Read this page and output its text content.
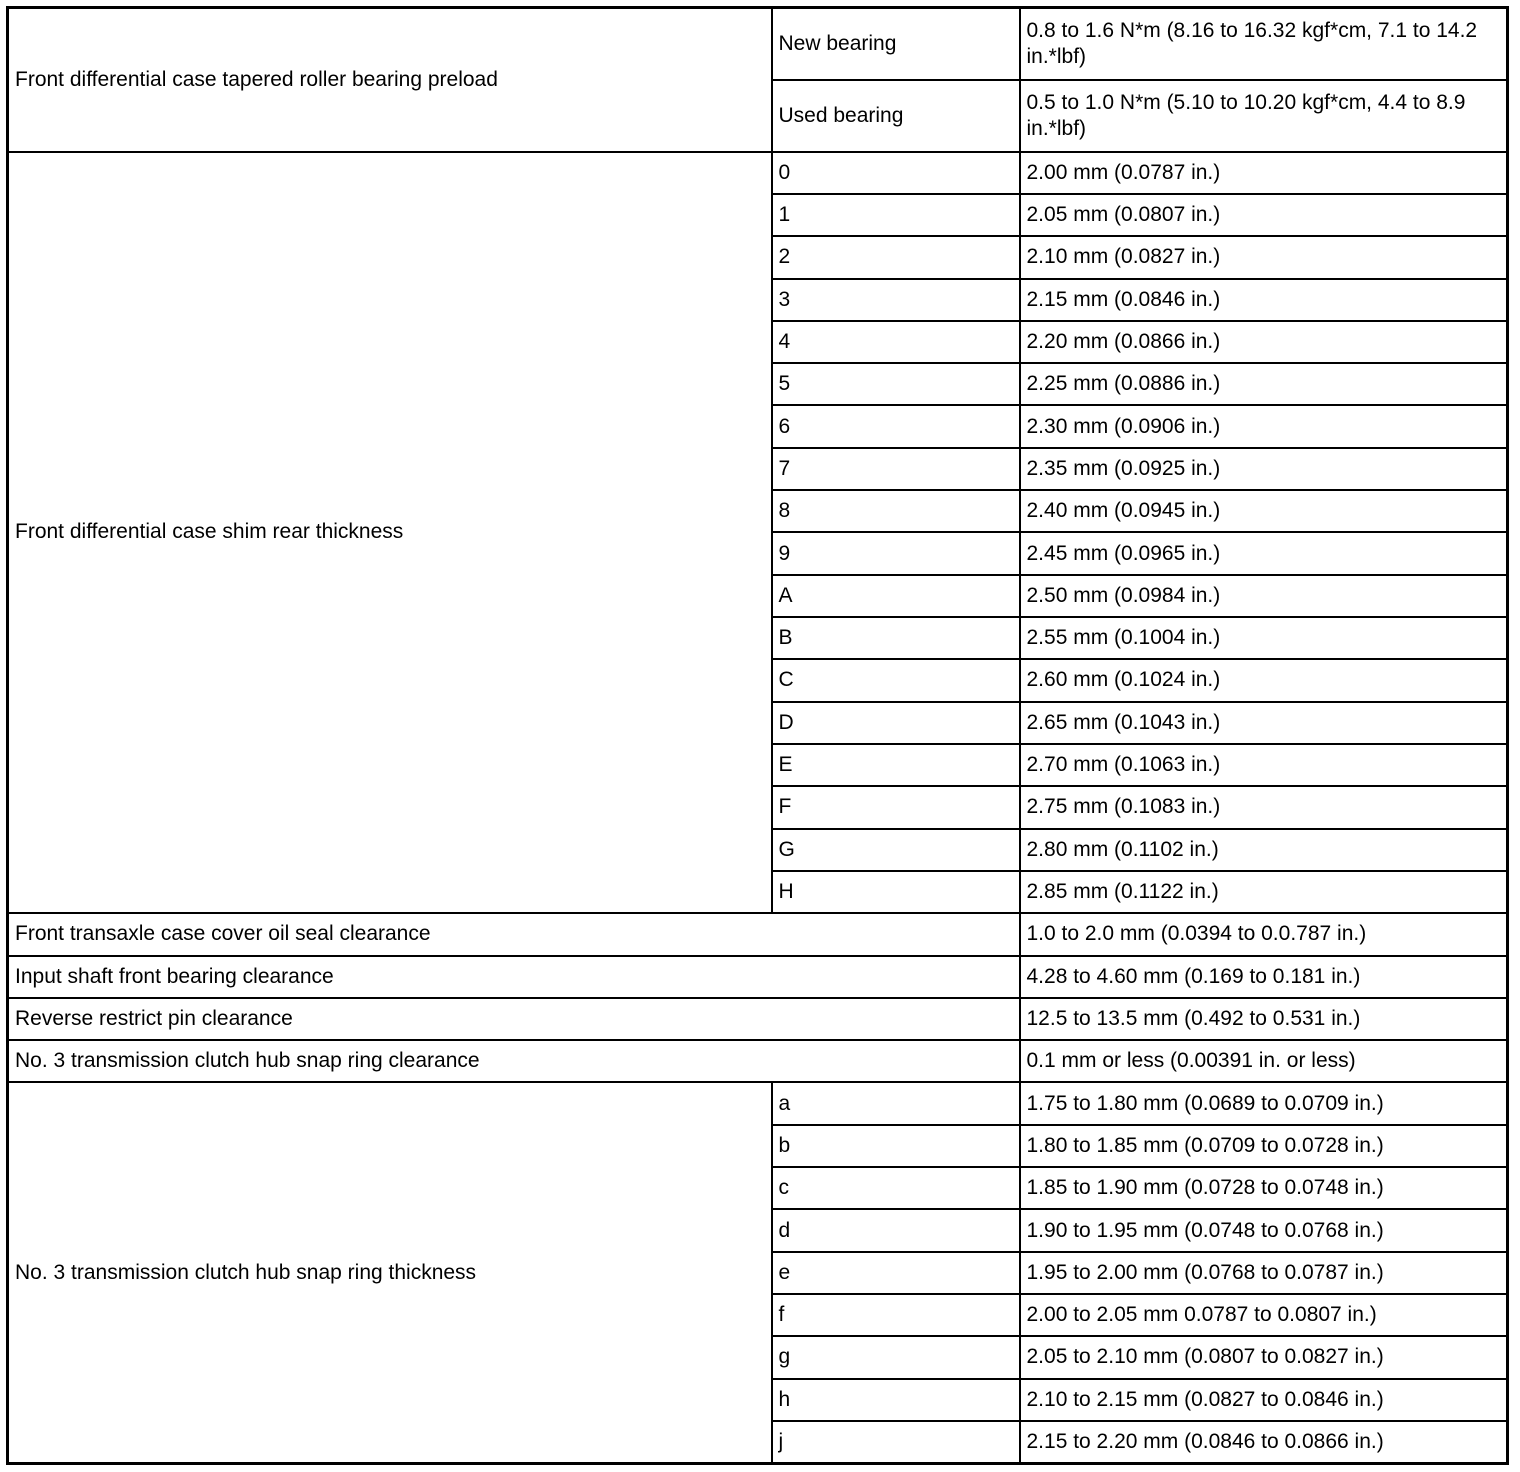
Front differential case tapered roller bearing preload	New bearing	0.8 to 1.6 N*m (8.16 to 16.32 kgf*cm, 7.1 to 14.2 in.*lbf)
	Used bearing	0.5 to 1.0 N*m (5.10 to 10.20 kgf*cm, 4.4 to 8.9 in.*lbf)
Front differential case shim rear thickness	0	2.00 mm (0.0787 in.)
	1	2.05 mm (0.0807 in.)
	2	2.10 mm (0.0827 in.)
	3	2.15 mm (0.0846 in.)
	4	2.20 mm (0.0866 in.)
	5	2.25 mm (0.0886 in.)
	6	2.30 mm (0.0906 in.)
	7	2.35 mm (0.0925 in.)
	8	2.40 mm (0.0945 in.)
	9	2.45 mm (0.0965 in.)
	A	2.50 mm (0.0984 in.)
	B	2.55 mm (0.1004 in.)
	C	2.60 mm (0.1024 in.)
	D	2.65 mm (0.1043 in.)
	E	2.70 mm (0.1063 in.)
	F	2.75 mm (0.1083 in.)
	G	2.80 mm (0.1102 in.)
	H	2.85 mm (0.1122 in.)
Front transaxle case cover oil seal clearance		1.0 to 2.0 mm (0.0394 to 0.0.787 in.)
Input shaft front bearing clearance		4.28 to 4.60 mm (0.169 to 0.181 in.)
Reverse restrict pin clearance		12.5 to 13.5 mm (0.492 to 0.531 in.)
No. 3 transmission clutch hub snap ring clearance		0.1 mm or less (0.00391 in. or less)
No. 3 transmission clutch hub snap ring thickness	a	1.75 to 1.80 mm (0.0689 to 0.0709 in.)
	b	1.80 to 1.85 mm (0.0709 to 0.0728 in.)
	c	1.85 to 1.90 mm (0.0728 to 0.0748 in.)
	d	1.90 to 1.95 mm (0.0748 to 0.0768 in.)
	e	1.95 to 2.00 mm (0.0768 to 0.0787 in.)
	f	2.00 to 2.05 mm 0.0787 to 0.0807 in.)
	g	2.05 to 2.10 mm (0.0807 to 0.0827 in.)
	h	2.10 to 2.15 mm (0.0827 to 0.0846 in.)
	j	2.15 to 2.20 mm (0.0846 to 0.0866 in.)
